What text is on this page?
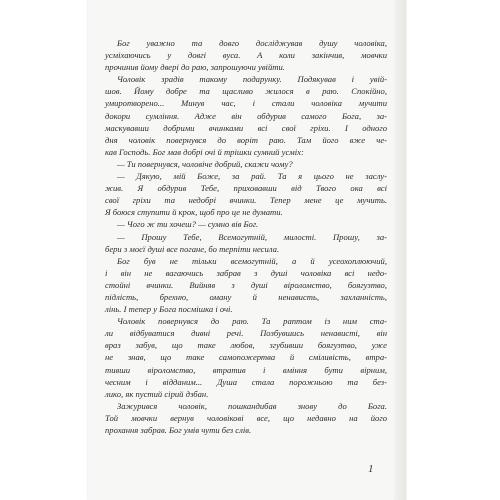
Бог уважно та довго досліджував душу чоловіка,
усміхаючись у довгі вуса. А коли закінчив, мовчки
прочинив йому двері до раю, запрошуючи увійти.
Чоловік зрадів такому подарунку. Подякував і увій-
шов. Йому добре та щасливо жилося в раю. Спокійно,
умиротворено... Минув час, і стали чоловіка мучити
докори сумління. Адже він обдурив самого Бога, за-
маскувавши добрими вчинками всі свої гріхи. І одного
дня чоловік повернувся до воріт раю. Там його вже че-
кав Господь. Бог мав добрі очі й трішки сумний усміх:
— Ти повернувся, чоловіче добрий, скажи чому?
— Дякую, мій Боже, за рай. Та я цього не заслу-
жив. Я обдурив Тебе, приховавши від Твого ока всі
свої гріхи та недобрі вчинки. Тепер мене це мучить.
Я боюся ступити й крок, щоб про це не думати.
— Чого ж ти хочеш? — сумно вів Бог.
— Прошу Тебе, Всемогутній, милості. Прошу, за-
бери з моєї душі все погане, бо терпіти несила.
Бог був не тільки всемогутній, а й усеохоплюючий,
і він не вагаючись забрав з душі чоловіка всі недо-
стойні вчинки. Вийняв з душі віроломство, боягузтво,
підлість, брехню, оману й ненависть, захланність,
лінь. І тепер у Бога посмішка і очі.
Чоловік повернувся до раю. Та раптом із ним ста-
ли відбуватися дивні речі. Позбувшись ненависті, він
враз забув, що таке любов, згубивши боягузтво, уже
не знав, що таке самопожертва й сміливість, втра-
тивши віроломство, втратив і вміння бути вірним,
чесним і відданим... Душа стала порожньою та без-
лико, як пустий сірий дзбан.
Зажурився чоловік, пошкандибав знову до Бога.
Той мовчки вернув чоловікові все, що недавно на його
прохання забрав. Бог умів чути без слів.
1
